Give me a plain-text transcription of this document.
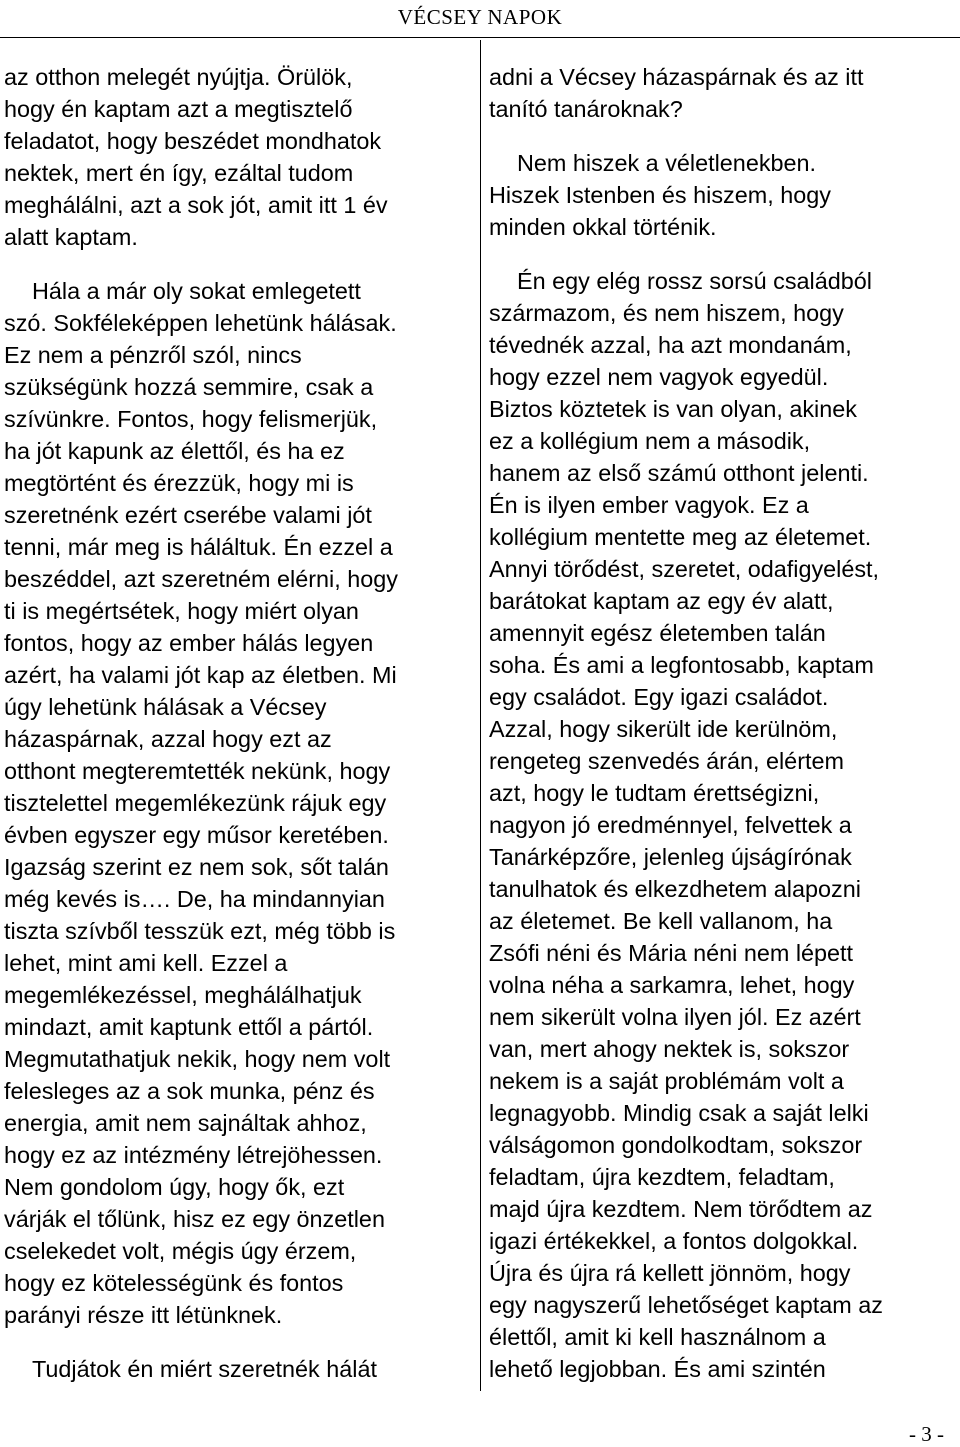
VÉCSEY NAPOK

az otthon melegét nyújtja. Örülök,
hogy én kaptam azt a megtisztelő
feladatot, hogy beszédet mondhatok
nektek, mert én így, ezáltal tudom
meghálálni, azt a sok jót, amit itt 1 év
alatt kaptam.

Hála a már oly sokat emlegetett
szó. Sokféleképpen lehetünk hálásak.
Ez nem a pénzről szól, nincs
szükségünk hozzá semmire, csak a
szívünkre. Fontos, hogy felismerjük,
ha jót kapunk az élettől, és ha ez
megtörtént és érezzük, hogy mi is
szeretnénk ezért cserébe valami jót
tenni, már meg is háláltuk. Én ezzel a
beszéddel, azt szeretném elérni, hogy
ti is megértsétek, hogy miért olyan
fontos, hogy az ember hálás legyen
azért, ha valami jót kap az életben. Mi
úgy lehetünk hálásak a Vécsey
házaspárnak, azzal hogy ezt az
otthont megteremtették nekünk, hogy
tisztelettel megemlékezünk rájuk egy
évben egyszer egy műsor keretében.
Igazság szerint ez nem sok, sőt talán
még kevés is…. De, ha mindannyian
tiszta szívből tesszük ezt, még több is
lehet, mint ami kell. Ezzel a
megemlékezéssel, meghálálhatjuk
mindazt, amit kaptunk ettől a pártól.
Megmutathatjuk nekik, hogy nem volt
felesleges az a sok munka, pénz és
energia, amit nem sajnáltak ahhoz,
hogy ez az intézmény létrejöhessen.
Nem gondolom úgy, hogy ők, ezt
várják el tőlünk, hisz ez egy önzetlen
cselekedet volt, mégis úgy érzem,
hogy ez kötelességünk és fontos
parányi része itt létünknek.

Tudjátok én miért szeretnék hálát

adni a Vécsey házaspárnak és az itt
tanító tanároknak?

Nem hiszek a véletlenekben.
Hiszek Istenben és hiszem, hogy
minden okkal történik.

Én egy elég rossz sorsú családból
származom, és nem hiszem, hogy
tévednék azzal, ha azt mondanám,
hogy ezzel nem vagyok egyedül.
Biztos köztetek is van olyan, akinek
ez a kollégium nem a második,
hanem az első számú otthont jelenti.
Én is ilyen ember vagyok. Ez a
kollégium mentette meg az életemet.
Annyi törődést, szeretet, odafigyelést,
barátokat kaptam az egy év alatt,
amennyit egész életemben talán
soha. És ami a legfontosabb, kaptam
egy családot. Egy igazi családot.
Azzal, hogy sikerült ide kerülnöm,
rengeteg szenvedés árán, elértem
azt, hogy le tudtam érettségizni,
nagyon jó eredménnyel, felvettek a
Tanárképzőre, jelenleg újságírónak
tanulhatok és elkezdhetem alapozni
az életemet. Be kell vallanom, ha
Zsófi néni és Mária néni nem lépett
volna néha a sarkamra, lehet, hogy
nem sikerült volna ilyen jól. Ez azért
van, mert ahogy nektek is, sokszor
nekem is a saját problémám volt a
legnagyobb. Mindig csak a saját lelki
válságomon gondolkodtam, sokszor
feladtam, újra kezdtem, feladtam,
majd újra kezdtem. Nem törődtem az
igazi értékekkel, a fontos dolgokkal.
Újra és újra rá kellett jönnöm, hogy
egy nagyszerű lehetőséget kaptam az
élettől, amit ki kell használnom a
lehető legjobban. És ami szintén

- 3 -
